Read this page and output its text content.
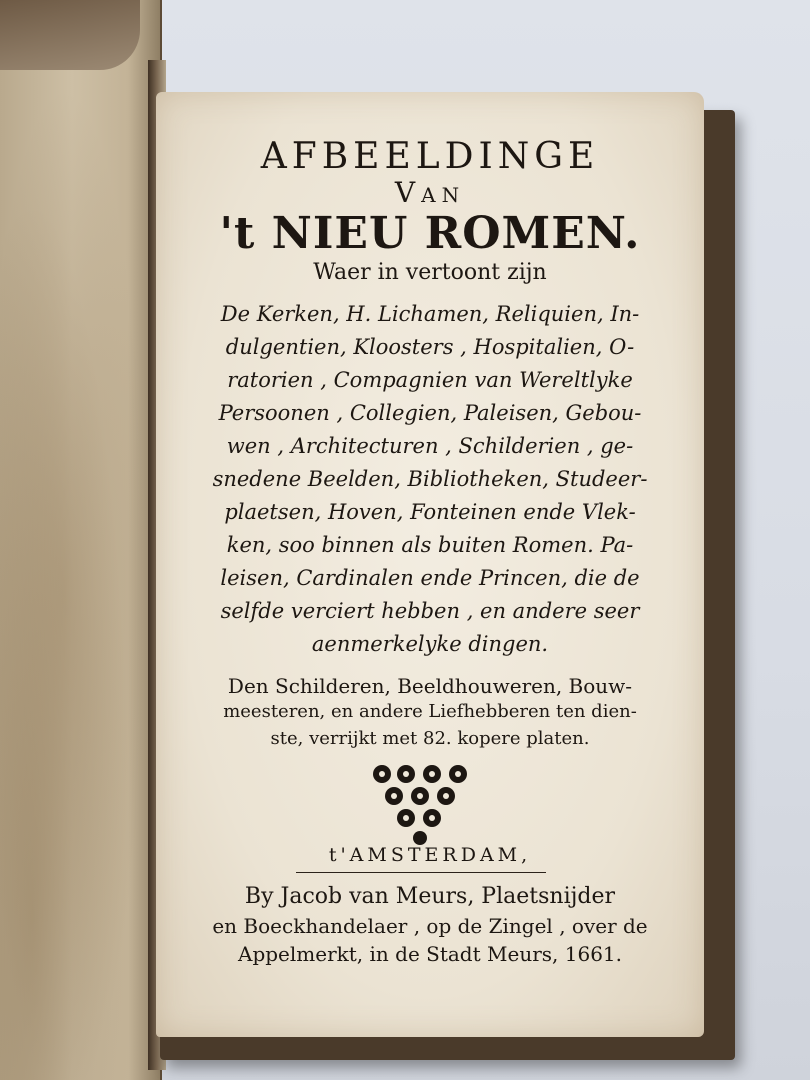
AFBEELDINGE
Van
't NIEU ROMEN.
Waer in vertoont zijn
De Kerken, H. Lichamen, Reliquien, In-
dulgentien, Kloosters , Hospitalien, O-
ratorien , Compagnien van Wereltlyke
Persoonen , Collegien, Paleisen, Gebou-
wen , Architecturen , Schilderien , ge-
snedene Beelden, Bibliotheken, Studeer-
plaetsen, Hoven, Fonteinen ende Vlek-
ken, soo binnen als buiten Romen. Pa-
leisen, Cardinalen ende Princen, die de
selfde verciert hebben , en andere seer
aenmerkelyke dingen.
Den Schilderen, Beeldhouweren, Bouw-
meesteren, en andere Liefhebberen ten dien-
t'AMSTERDAM,
By Jacob van Meurs, Plaetsnijder
en Boeckhandelaer , op de Zingel , over de
Appelmerkt, in de Stadt Meurs, 1661.
ste, verrijkt met 82. kopere platen.
